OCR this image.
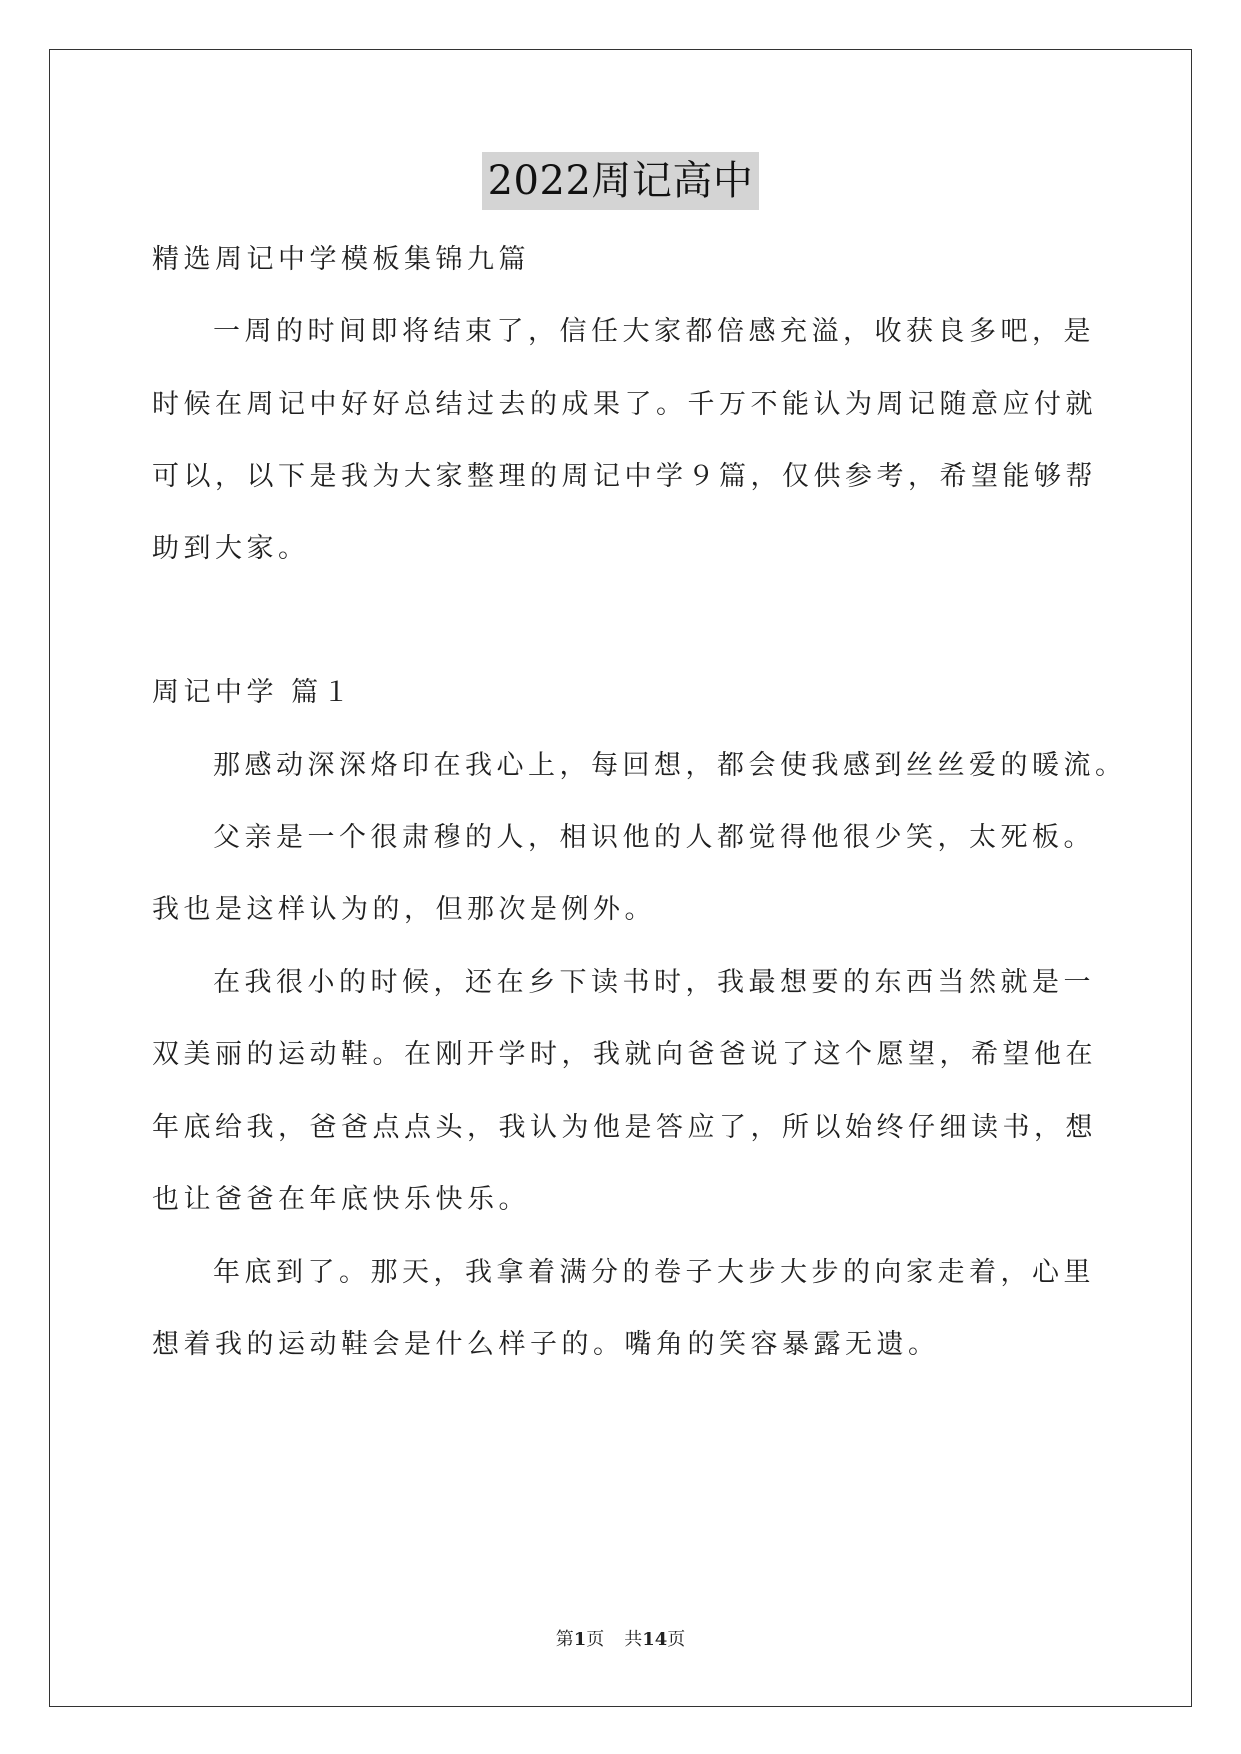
2022周记高中
精选周记中学模板集锦九篇
一周的时间即将结束了，信任大家都倍感充溢，收获良多吧，是
时候在周记中好好总结过去的成果了。千万不能认为周记随意应付就
可以，以下是我为大家整理的周记中学９篇，仅供参考，希望能够帮
助到大家。
周记中学 篇１
那感动深深烙印在我心上，每回想，都会使我感到丝丝爱的暖流。
父亲是一个很肃穆的人，相识他的人都觉得他很少笑，太死板。
我也是这样认为的，但那次是例外。
在我很小的时候，还在乡下读书时，我最想要的东西当然就是一
双美丽的运动鞋。在刚开学时，我就向爸爸说了这个愿望，希望他在
年底给我，爸爸点点头，我认为他是答应了，所以始终仔细读书，想
也让爸爸在年底快乐快乐。
年底到了。那天，我拿着满分的卷子大步大步的向家走着，心里
想着我的运动鞋会是什么样子的。嘴角的笑容暴露无遗。
第1页 共14页
